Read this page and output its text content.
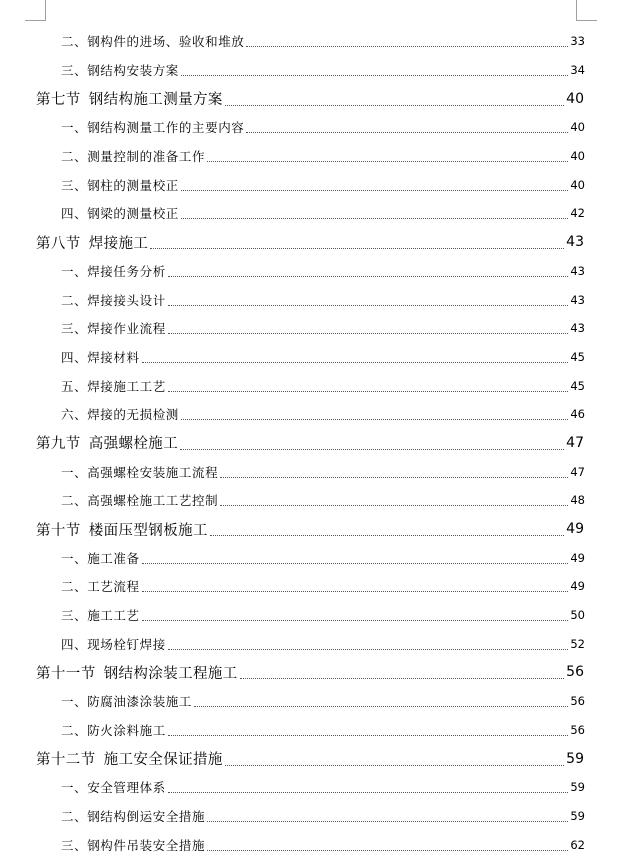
二、钢构件的进场、验收和堆放	33
三、钢结构安装方案	34
第七节 钢结构施工测量方案	40
一、钢结构测量工作的主要内容	40
二、测量控制的准备工作	40
三、钢柱的测量校正	40
四、钢梁的测量校正	42
第八节 焊接施工	43
一、焊接任务分析	43
二、焊接接头设计	43
三、焊接作业流程	43
四、焊接材料	45
五、焊接施工工艺	45
六、焊接的无损检测	46
第九节 高强螺栓施工	47
一、高强螺栓安装施工流程	47
二、高强螺栓施工工艺控制	48
第十节 楼面压型钢板施工	49
一、施工准备	49
二、工艺流程	49
三、施工工艺	50
四、现场栓钉焊接	52
第十一节 钢结构涂装工程施工	56
一、防腐油漆涂装施工	56
二、防火涂料施工	56
第十二节 施工安全保证措施	59
一、安全管理体系	59
二、钢结构倒运安全措施	59
三、钢构件吊装安全措施	62
